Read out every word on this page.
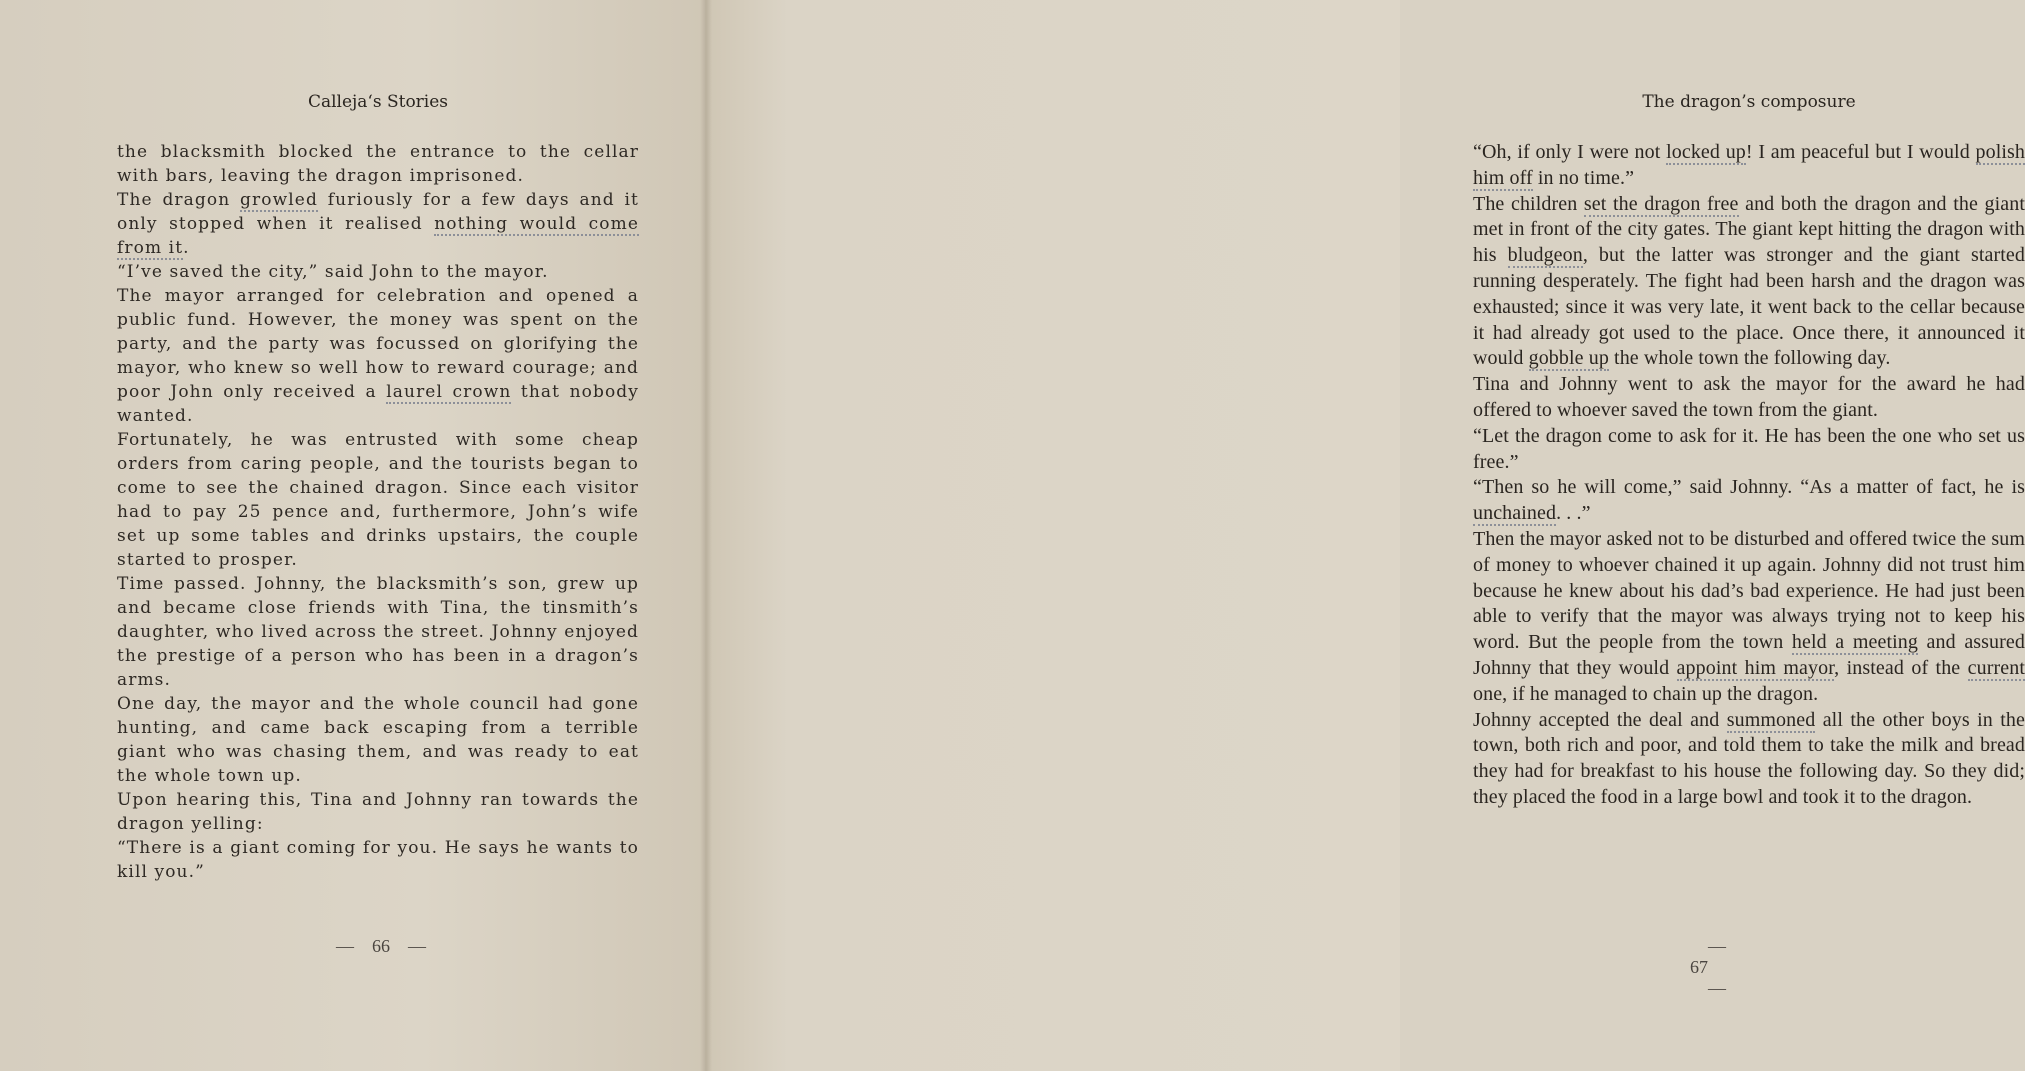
Calleja‘s Stories

the blacksmith blocked the entrance to the cellar with bars, leaving the dragon imprisoned.

The dragon growled furiously for a few days and it only stopped when it realised nothing would come from it.

“I’ve saved the city,” said John to the mayor.

The mayor arranged for celebration and opened a public fund. However, the money was spent on the party, and the party was focussed on glorifying the mayor, who knew so well how to reward courage; and poor John only received a laurel crown that nobody wanted.

Fortunately, he was entrusted with some cheap orders from caring people, and the tourists began to come to see the chained dragon. Since each visitor had to pay 25 pence and, furthermore, John’s wife set up some tables and drinks upstairs, the couple started to prosper.

Time passed. Johnny, the blacksmith’s son, grew up and became close friends with Tina, the tinsmith’s daughter, who lived across the street. Johnny enjoyed the prestige of a person who has been in a dragon’s arms.

One day, the mayor and the whole council had gone hunting, and came back escaping from a terrible giant who was chasing them, and was ready to eat the whole town up.

Upon hearing this, Tina and Johnny ran towards the dragon yelling:

“There is a giant coming for you. He says he wants to kill you.”

— 66 —
The dragon’s composure

“Oh, if only I were not locked up! I am peaceful but I would polish him off in no time.”

The children set the dragon free and both the dragon and the giant met in front of the city gates. The giant kept hitting the dragon with his bludgeon, but the latter was stronger and the giant started running desperately. The fight had been harsh and the dragon was exhausted; since it was very late, it went back to the cellar because it had already got used to the place. Once there, it announced it would gobble up the whole town the following day.

Tina and Johnny went to ask the mayor for the award he had offered to whoever saved the town from the giant.

“Let the dragon come to ask for it. He has been the one who set us free.”

“Then so he will come,” said Johnny. “As a matter of fact, he is unchained. . .”

Then the mayor asked not to be disturbed and offered twice the sum of money to whoever chained it up again. Johnny did not trust him because he knew about his dad’s bad experience. He had just been able to verify that the mayor was always trying not to keep his word. But the people from the town held a meeting and assured Johnny that they would appoint him mayor, instead of the current one, if he managed to chain up the dragon.

Johnny accepted the deal and summoned all the other boys in the town, both rich and poor, and told them to take the milk and bread they had for breakfast to his house the following day. So they did; they placed the food in a large bowl and took it to the dragon.

—67—
